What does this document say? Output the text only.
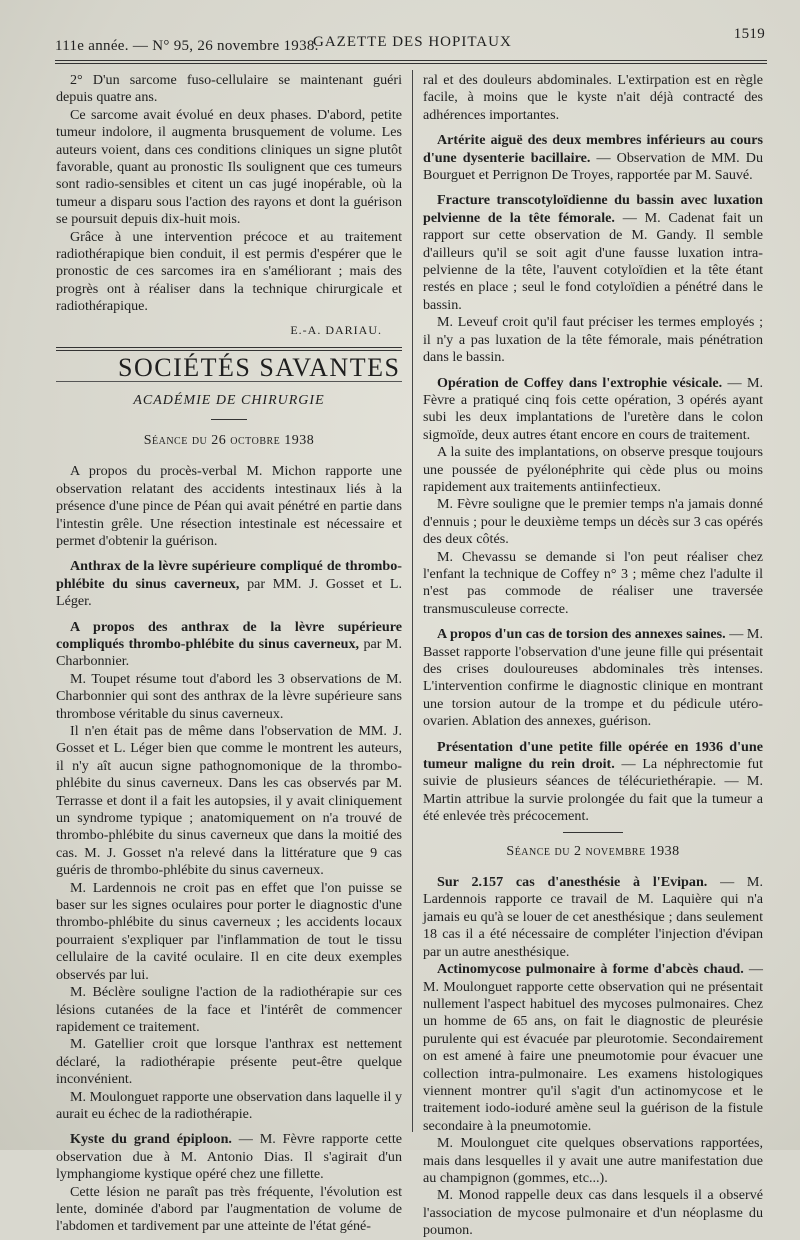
111e année. — N° 95, 26 novembre 1938.
GAZETTE DES HOPITAUX	1519

2° D'un sarcome fuso-cellulaire se maintenant guéri depuis quatre ans.

Ce sarcome avait évolué en deux phases. D'abord, petite tumeur indolore, il augmenta brusquement de volume. Les auteurs voient, dans ces conditions cliniques un signe plutôt favorable, quant au pronostic Ils soulignent que ces tumeurs sont radio-sensibles et citent un cas jugé inopérable, où la tumeur a disparu sous l'action des rayons et dont la guérison se poursuit depuis dix-huit mois.

Grâce à une intervention précoce et au traitement radiothérapique bien conduit, il est permis d'espérer que le pronostic de ces sarcomes ira en s'améliorant ; mais des progrès ont à réaliser dans la technique chirurgicale et radiothérapique.

E.-A. DARIAU.

SOCIÉTÉS SAVANTES

ACADÉMIE DE CHIRURGIE

Séance du 26 octobre 1938

A propos du procès-verbal M. Michon rapporte une observation relatant des accidents intestinaux liés à la présence d'une pince de Péan qui avait pénétré en partie dans l'intestin grêle. Une résection intestinale est nécessaire et permet d'obtenir la guérison.

Anthrax de la lèvre supérieure compliqué de thrombo-phlébite du sinus caverneux, par MM. J. Gosset et L. Léger.

A propos des anthrax de la lèvre supérieure compliqués thrombo-phlébite du sinus caverneux, par M. Charbonnier.

M. Toupet résume tout d'abord les 3 observations de M. Charbonnier qui sont des anthrax de la lèvre supérieure sans thrombose véritable du sinus caverneux.

Il n'en était pas de même dans l'observation de MM. J. Gosset et L. Léger bien que comme le montrent les auteurs, il n'y aît aucun signe pathognomonique de la thrombo-phlébite du sinus caverneux. Dans les cas observés par M. Terrasse et dont il a fait les autopsies, il y avait cliniquement un syndrome typique ; anatomiquement on n'a trouvé de thrombo-phlébite du sinus caverneux que dans la moitié des cas. M. J. Gosset n'a relevé dans la littérature que 9 cas guéris de thrombo-phlébite du sinus caverneux.

M. Lardennois ne croit pas en effet que l'on puisse se baser sur les signes oculaires pour porter le diagnostic d'une thrombo-phlébite du sinus caverneux ; les accidents locaux pourraient s'expliquer par l'inflammation de tout le tissu cellulaire de la cavité oculaire. Il en cite deux exemples observés par lui.

M. Béclère souligne l'action de la radiothérapie sur ces lésions cutanées de la face et l'intérêt de commencer rapidement ce traitement.

M. Gatellier croit que lorsque l'anthrax est nettement déclaré, la radiothérapie présente peut-être quelque inconvénient.

M. Moulonguet rapporte une observation dans laquelle il y aurait eu échec de la radiothérapie.

Kyste du grand épiploon. — M. Fèvre rapporte cette observation due à M. Antonio Dias. Il s'agirait d'un lymphangiome kystique opéré chez une fillette.

Cette lésion ne paraît pas très fréquente, l'évolution est lente, dominée d'abord par l'augmentation de volume de l'abdomen et tardivement par une atteinte de l'état géné-

ral et des douleurs abdominales. L'extirpation est en règle facile, à moins que le kyste n'ait déjà contracté des adhérences importantes.

Artérite aiguë des deux membres inférieurs au cours d'une dysenterie bacillaire. — Observation de MM. Du Bourguet et Perrignon De Troyes, rapportée par M. Sauvé.

Fracture transcotyloïdienne du bassin avec luxation pelvienne de la tête fémorale. — M. Cadenat fait un rapport sur cette observation de M. Gandy. Il semble d'ailleurs qu'il se soit agit d'une fausse luxation intra-pelvienne de la tête, l'auvent cotyloïdien et la tête étant restés en place ; seul le fond cotyloïdien a pénétré dans le bassin.

M. Leveuf croit qu'il faut préciser les termes employés ; il n'y a pas luxation de la tête fémorale, mais pénétration dans le bassin.

Opération de Coffey dans l'extrophie vésicale. — M. Fèvre a pratiqué cinq fois cette opération, 3 opérés ayant subi les deux implantations de l'uretère dans le colon sigmoïde, deux autres étant encore en cours de traitement.

A la suite des implantations, on observe presque toujours une poussée de pyélonéphrite qui cède plus ou moins rapidement aux traitements antiinfectieux.

M. Fèvre souligne que le premier temps n'a jamais donné d'ennuis ; pour le deuxième temps un décès sur 3 cas opérés des deux côtés.

M. Chevassu se demande si l'on peut réaliser chez l'enfant la technique de Coffey n° 3 ; même chez l'adulte il n'est pas commode de réaliser une traversée transmusculeuse correcte.

A propos d'un cas de torsion des annexes saines. — M. Basset rapporte l'observation d'une jeune fille qui présentait des crises douloureuses abdominales très intenses. L'intervention confirme le diagnostic clinique en montrant une torsion autour de la trompe et du pédicule utéro-ovarien. Ablation des annexes, guérison.

Présentation d'une petite fille opérée en 1936 d'une tumeur maligne du rein droit. — La néphrectomie fut suivie de plusieurs séances de télécuriethérapie. — M. Martin attribue la survie prolongée du fait que la tumeur a été enlevée très précocement.

Séance du 2 novembre 1938

Sur 2.157 cas d'anesthésie à l'Evipan. — M. Lardennois rapporte ce travail de M. Laquière qui n'a jamais eu qu'à se louer de cet anesthésique ; dans seulement 18 cas il a été nécessaire de compléter l'injection d'évipan par un autre anesthésique.

Actinomycose pulmonaire à forme d'abcès chaud. — M. Moulonguet rapporte cette observation qui ne présentait nullement l'aspect habituel des mycoses pulmonaires. Chez un homme de 65 ans, on fait le diagnostic de pleurésie purulente qui est évacuée par pleurotomie. Secondairement on est amené à faire une pneumotomie pour évacuer une collection intra-pulmonaire. Les examens histologiques viennent montrer qu'il s'agit d'un actinomycose et le traitement iodo-ioduré amène seul la guérison de la fistule secondaire à la pneumotomie.

M. Moulonguet cite quelques observations rapportées, mais dans lesquelles il y avait une autre manifestation due au champignon (gommes, etc...).

M. Monod rappelle deux cas dans lesquels il a observé l'association de mycose pulmonaire et d'un néoplasme du poumon.
